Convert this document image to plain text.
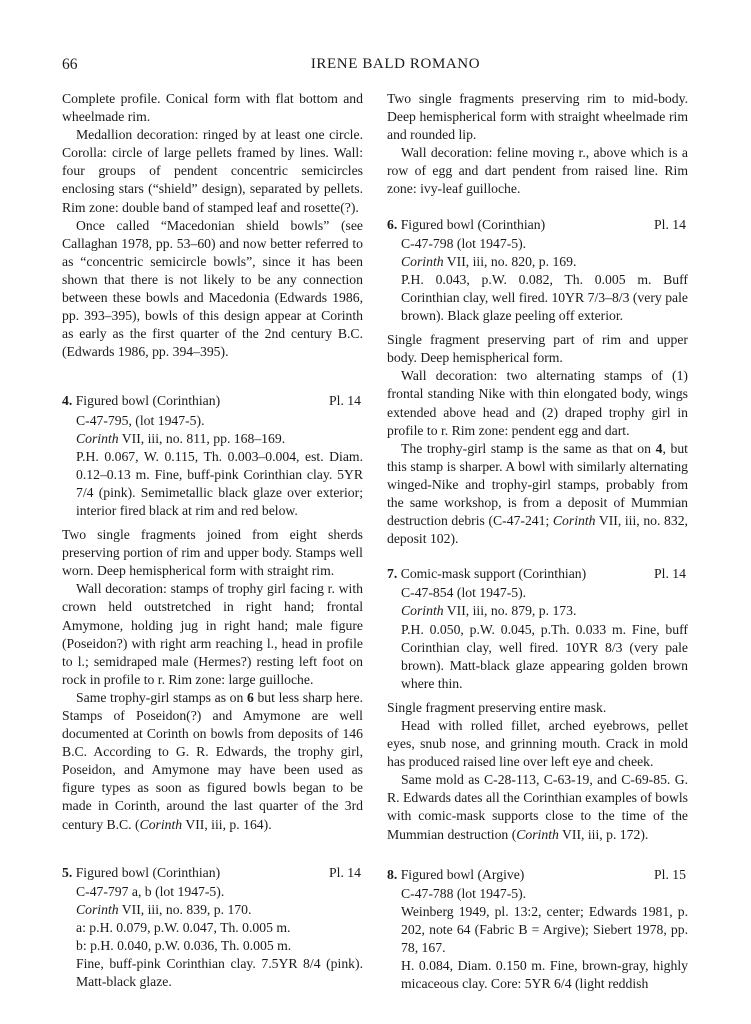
66	IRENE BALD ROMANO

Complete profile. Conical form with flat bottom and wheelmade rim.

Medallion decoration: ringed by at least one circle. Corolla: circle of large pellets framed by lines. Wall: four groups of pendent concentric semicircles enclosing stars (“shield” design), separated by pellets. Rim zone: double band of stamped leaf and rosette(?).

Once called “Macedonian shield bowls” (see Callaghan 1978, pp. 53–60) and now better referred to as “concentric semicircle bowls”, since it has been shown that there is not likely to be any connection between these bowls and Macedonia (Edwards 1986, pp. 393–395), bowls of this design appear at Corinth as early as the first quarter of the 2nd century B.C. (Edwards 1986, pp. 394–395).

4. Figured bowl (Corinthian)	Pl. 14

C-47-795, (lot 1947-5).

Corinth VII, iii, no. 811, pp. 168–169.

P.H. 0.067, W. 0.115, Th. 0.003–0.004, est. Diam. 0.12–0.13 m. Fine, buff-pink Corinthian clay. 5YR 7/4 (pink). Semimetallic black glaze over exterior; interior fired black at rim and red below.

Two single fragments joined from eight sherds preserving portion of rim and upper body. Stamps well worn. Deep hemispherical form with straight rim.

Wall decoration: stamps of trophy girl facing r. with crown held outstretched in right hand; frontal Amymone, holding jug in right hand; male figure (Poseidon?) with right arm reaching l., head in profile to l.; semidraped male (Hermes?) resting left foot on rock in profile to r. Rim zone: large guilloche.

Same trophy-girl stamps as on 6 but less sharp here. Stamps of Poseidon(?) and Amymone are well documented at Corinth on bowls from deposits of 146 B.C. According to G. R. Edwards, the trophy girl, Poseidon, and Amymone may have been used as figure types as soon as figured bowls began to be made in Corinth, around the last quarter of the 3rd century B.C. (Corinth VII, iii, p. 164).

5. Figured bowl (Corinthian)	Pl. 14

C-47-797 a, b (lot 1947-5).

Corinth VII, iii, no. 839, p. 170.

a: p.H. 0.079, p.W. 0.047, Th. 0.005 m.

b: p.H. 0.040, p.W. 0.036, Th. 0.005 m.

Fine, buff-pink Corinthian clay. 7.5YR 8/4 (pink). Matt-black glaze.

Two single fragments preserving rim to mid-body. Deep hemispherical form with straight wheelmade rim and rounded lip.

Wall decoration: feline moving r., above which is a row of egg and dart pendent from raised line. Rim zone: ivy-leaf guilloche.

6. Figured bowl (Corinthian)	Pl. 14

C-47-798 (lot 1947-5).

Corinth VII, iii, no. 820, p. 169.

P.H. 0.043, p.W. 0.082, Th. 0.005 m. Buff Corinthian clay, well fired. 10YR 7/3–8/3 (very pale brown). Black glaze peeling off exterior.

Single fragment preserving part of rim and upper body. Deep hemispherical form.

Wall decoration: two alternating stamps of (1) frontal standing Nike with thin elongated body, wings extended above head and (2) draped trophy girl in profile to r. Rim zone: pendent egg and dart.

The trophy-girl stamp is the same as that on 4, but this stamp is sharper. A bowl with similarly alternating winged-Nike and trophy-girl stamps, probably from the same workshop, is from a deposit of Mummian destruction debris (C-47-241; Corinth VII, iii, no. 832, deposit 102).

7. Comic-mask support (Corinthian)	Pl. 14

C-47-854 (lot 1947-5).

Corinth VII, iii, no. 879, p. 173.

P.H. 0.050, p.W. 0.045, p.Th. 0.033 m. Fine, buff Corinthian clay, well fired. 10YR 8/3 (very pale brown). Matt-black glaze appearing golden brown where thin.

Single fragment preserving entire mask.

Head with rolled fillet, arched eyebrows, pellet eyes, snub nose, and grinning mouth. Crack in mold has produced raised line over left eye and cheek.

Same mold as C-28-113, C-63-19, and C-69-85. G. R. Edwards dates all the Corinthian examples of bowls with comic-mask supports close to the time of the Mummian destruction (Corinth VII, iii, p. 172).

8. Figured bowl (Argive)	Pl. 15

C-47-788 (lot 1947-5).

Weinberg 1949, pl. 13:2, center; Edwards 1981, p. 202, note 64 (Fabric B = Argive); Siebert 1978, pp. 78, 167.

H. 0.084, Diam. 0.150 m. Fine, brown-gray, highly micaceous clay. Core: 5YR 6/4 (light reddish
